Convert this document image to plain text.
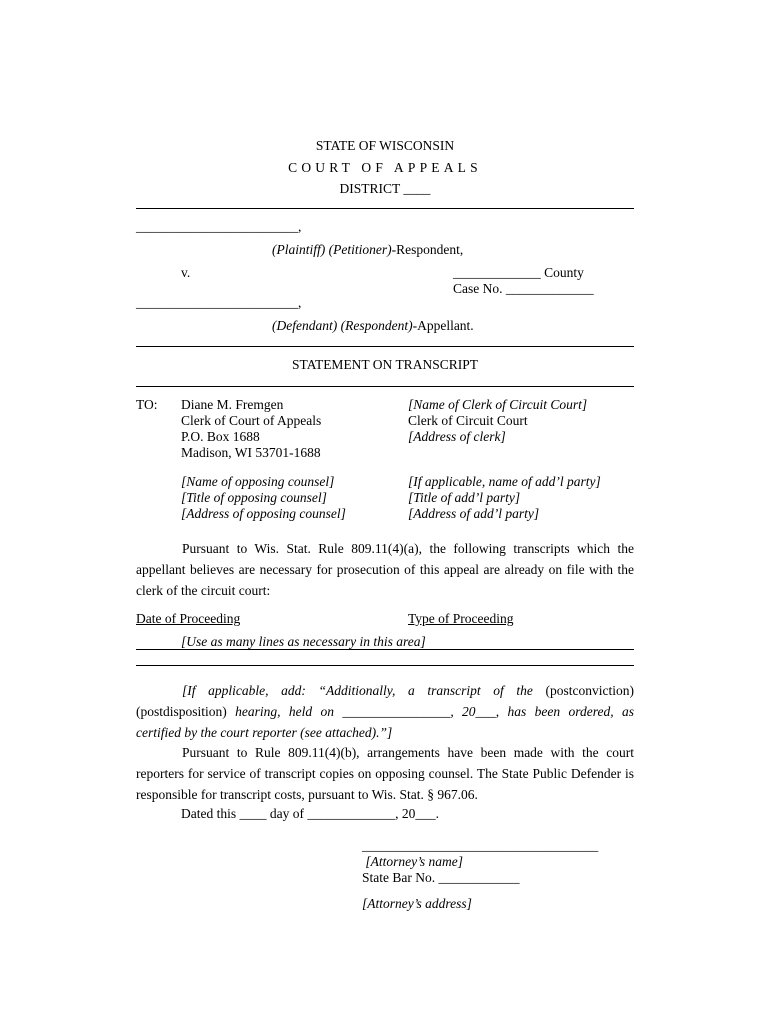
STATE OF WISCONSIN
COURT OF APPEALS
DISTRICT ____
________________________,
(Plaintiff) (Petitioner)-Respondent,
v.	_____________ County
Case No. _____________
________________________,
(Defendant) (Respondent)-Appellant.
STATEMENT ON TRANSCRIPT
TO: Diane M. Fremgen
Clerk of Court of Appeals
P.O. Box 1688
Madison, WI 53701-1688
[Name of Clerk of Circuit Court]
Clerk of Circuit Court
[Address of clerk]
[Name of opposing counsel]
[Title of opposing counsel]
[Address of opposing counsel]
[If applicable, name of add’l party]
[Title of add’l party]
[Address of add’l party]

Pursuant to Wis. Stat. Rule 809.11(4)(a), the following transcripts which the appellant believes are necessary for prosecution of this appeal are already on file with the clerk of the circuit court:

Date of Proceeding	Type of Proceeding
[Use as many lines as necessary in this area]

[If applicable, add: “Additionally, a transcript of the (postconviction) (postdisposition) hearing, held on ________________, 20___, has been ordered, as certified by the court reporter (see attached).”]

Pursuant to Rule 809.11(4)(b), arrangements have been made with the court reporters for service of transcript copies on opposing counsel. The State Public Defender is responsible for transcript costs, pursuant to Wis. Stat. § 967.06.

Dated this ____ day of _____________, 20___.
___________________________________
[Attorney’s name]
State Bar No. ____________
[Attorney’s address]
